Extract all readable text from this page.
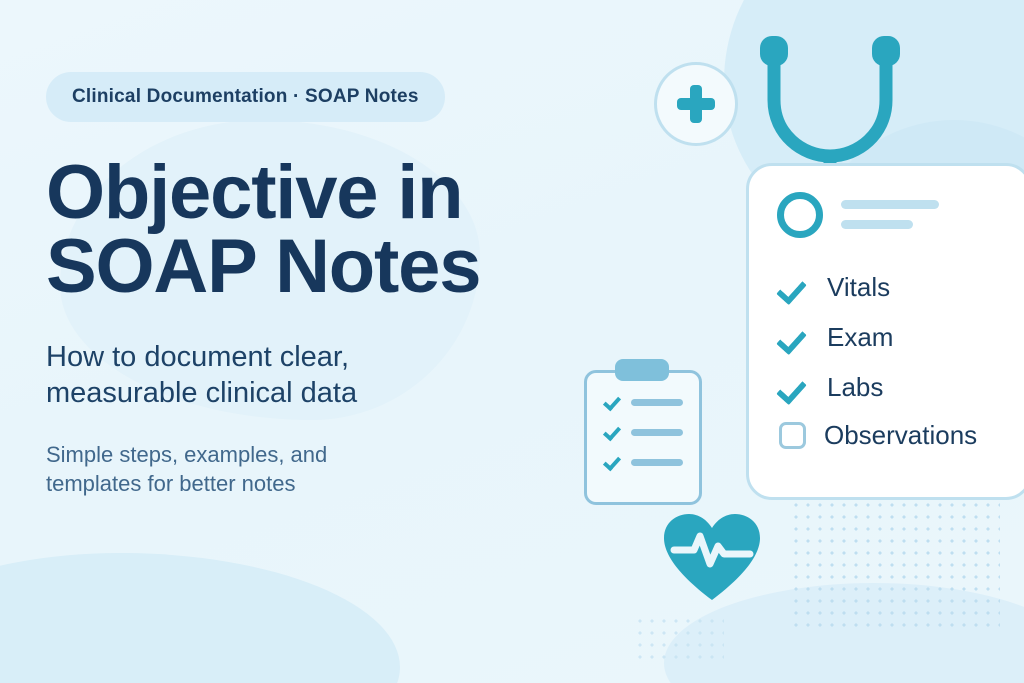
Clinical Documentation · SOAP Notes
Objective in
SOAP Notes
How to document clear,
measurable clinical data
Simple steps, examples, and
templates for better notes
Vitals
Exam
Labs
Observations
